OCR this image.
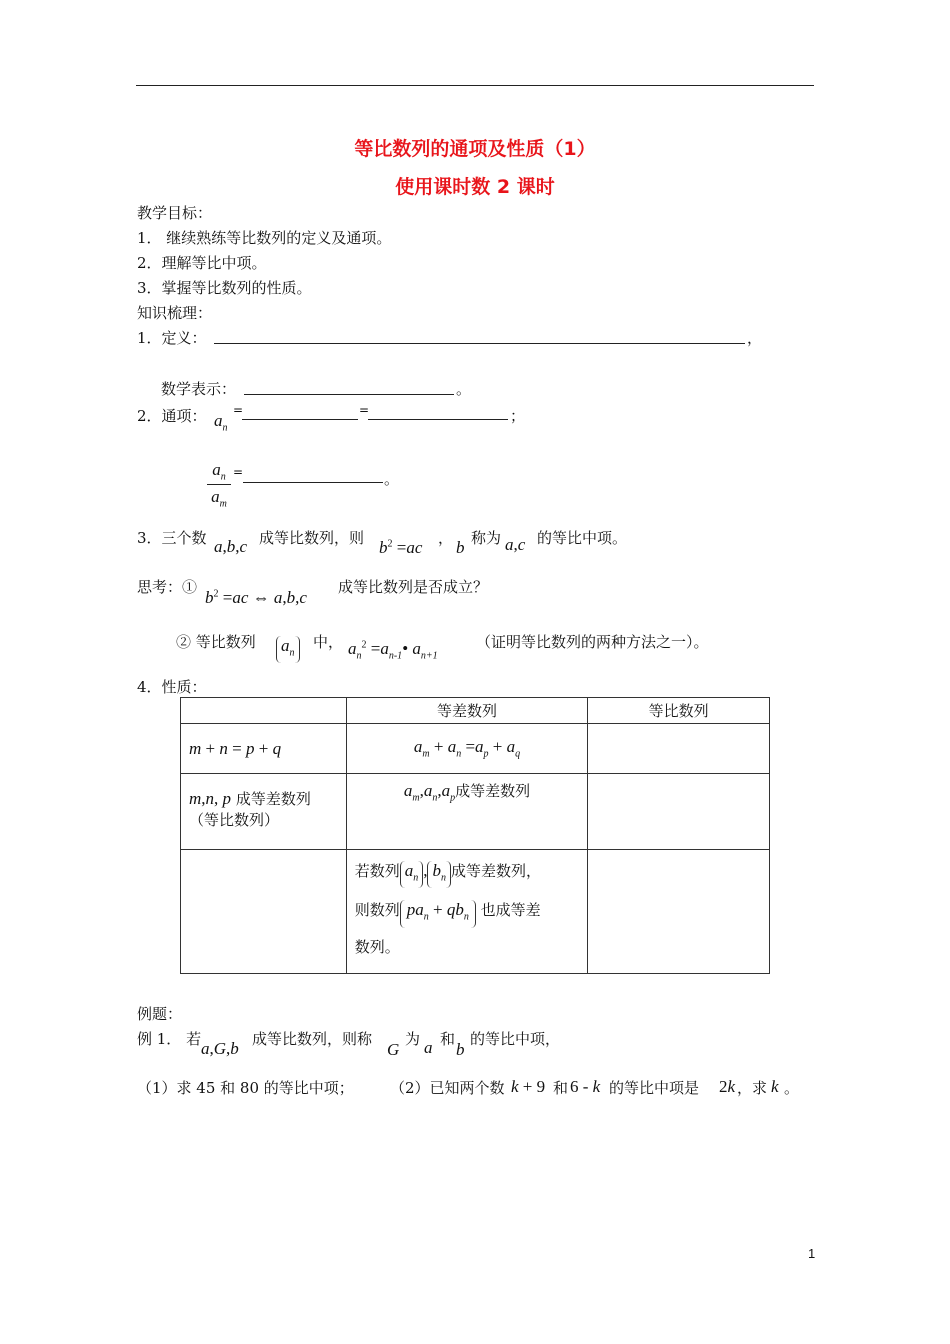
等比数列的通项及性质（1）
使用课时数 2 课时
教学目标：
1． 继续熟练等比数列的定义及通项。
2．理解等比中项。
3．掌握等比数列的性质。
知识梳理：
1．定义：	，
数学表示：	。
2．通项： $a_n$
=	=	；
$a_n$
$a_m$
=	。
3．三个数 a,b,c 成等比数列，则 $b^2 =ac$ ， b 称为 a,c 的等比中项。
思考：①
$b^2 =ac$ ⇔ a,b,c
成等比数列是否成立？
② 等比数列 $a_n$
中， $a_n^2$ $=a_{n-1}•$ $a_{n+1}$
（证明等比数列的两种方法之一）。
4．性质：
	等差数列	等比数列
m + n = p + q	$a_m + a_n =a_p + a_q$	

m,n, p 成等差数列
（等比数列）	$a_m,a_n,a_p$成等差数列	

	若数列 $a_n$ , $b_n$ 成等差数列，
则数列 $pa_n + qb_n$ 也成等差
数列。	

例题：
例 1． 若 a,G,b 成等比数列，则称
G
为 a 和
b
的等比中项，
（1）求 45 和 80 的等比中项； （2）已知两个数 k + 9 和 6 - k 的等比中项是 2k ，求 k 。
1
